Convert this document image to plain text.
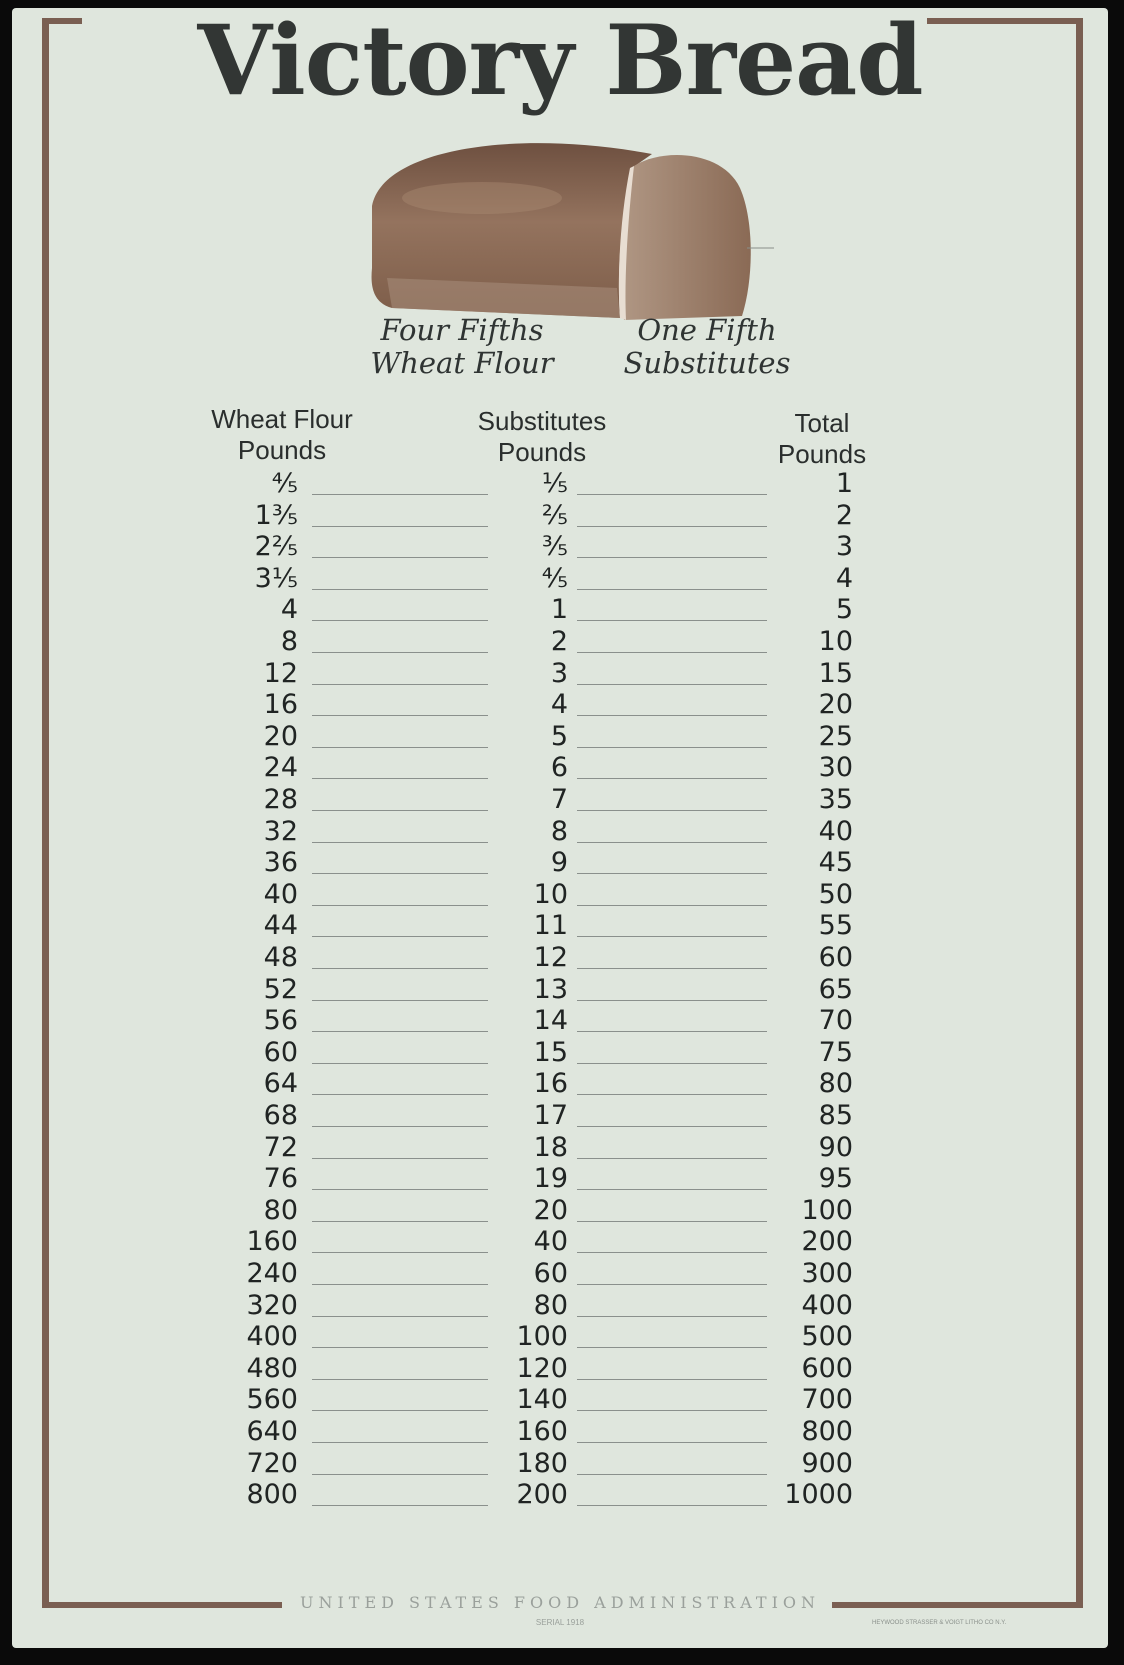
Victory Bread
Four Fifths
Wheat Flour
One Fifth
Substitutes
Wheat Flour
Pounds
Substitutes
Pounds
Total
Pounds
⅘	⅕	1
1⅗	⅖	2
2⅖	⅗	3
3⅕	⅘	4
4	1	5
8	2	10
12	3	15
16	4	20
20	5	25
24	6	30
28	7	35
32	8	40
36	9	45
40	10	50
44	11	55
48	12	60
52	13	65
56	14	70
60	15	75
64	16	80
68	17	85
72	18	90
76	19	95
80	20	100
160	40	200
240	60	300
320	80	400
400	100	500
480	120	600
560	140	700
640	160	800
720	180	900
800	200	1000
UNITED STATES FOOD ADMINISTRATION
SERIAL 1918	HEYWOOD STRASSER & VOIGT LITHO CO N.Y.
